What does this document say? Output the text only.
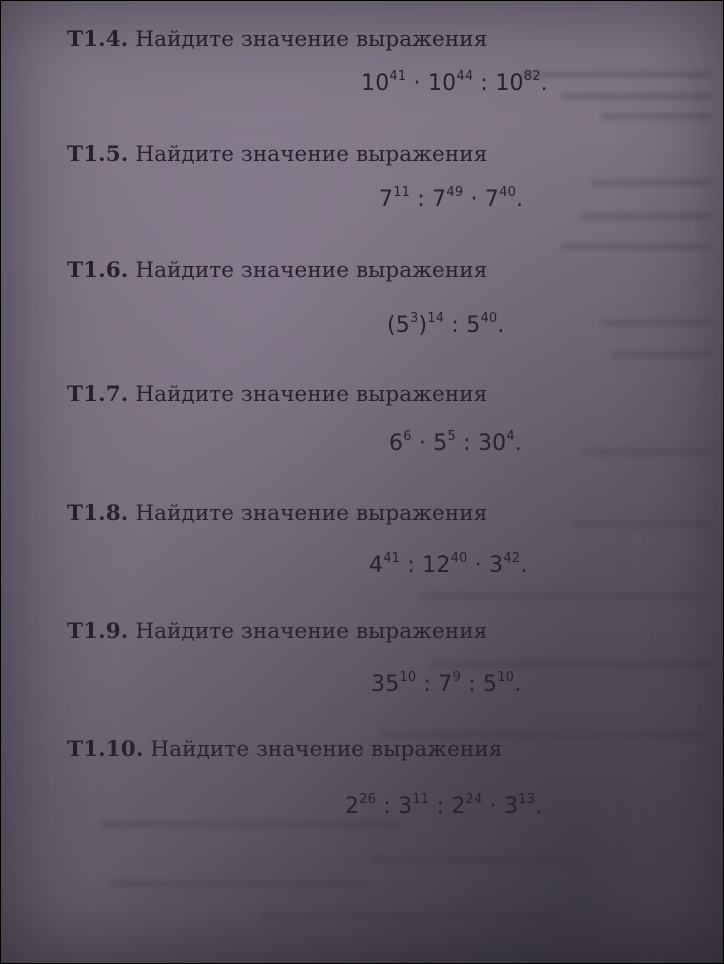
T1.4. Найдите значение выражения
$10^{41} \cdot 10^{44}$ : $10^{82}$.
T1.5. Найдите значение выражения
$7^{11}$ : $7^{49} \cdot 7^{40}$.
T1.6. Найдите значение выражения
$(5^3)^{14}$ : $5^{40}$.
T1.7. Найдите значение выражения
$6^6 \cdot 5^5$ : $30^4$.
T1.8. Найдите значение выражения
$4^{41}$ : $12^{40} \cdot 3^{42}$.
T1.9. Найдите значение выражения
$35^{10}$ : $7^9$ : $5^{10}$.
T1.10. Найдите значение выражения
$2^{26}$ : $3^{11}$ : $2^{24} \cdot 3^{13}$.
